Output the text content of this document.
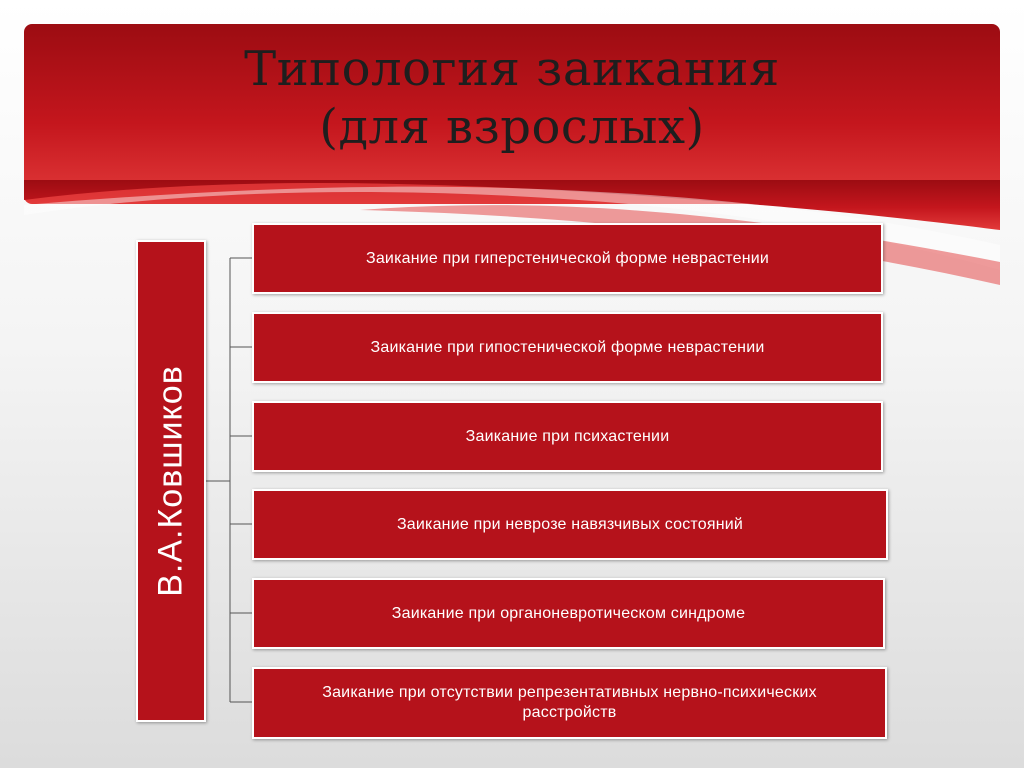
Типология заикания
(для взрослых)
В.А.Ковшиков
Заикание при гиперстенической форме неврастении
Заикание при гипостенической форме неврастении
Заикание при психастении
Заикание при неврозе навязчивых состояний
Заикание при органоневротическом синдроме
Заикание при отсутствии репрезентативных нервно-психических расстройств
